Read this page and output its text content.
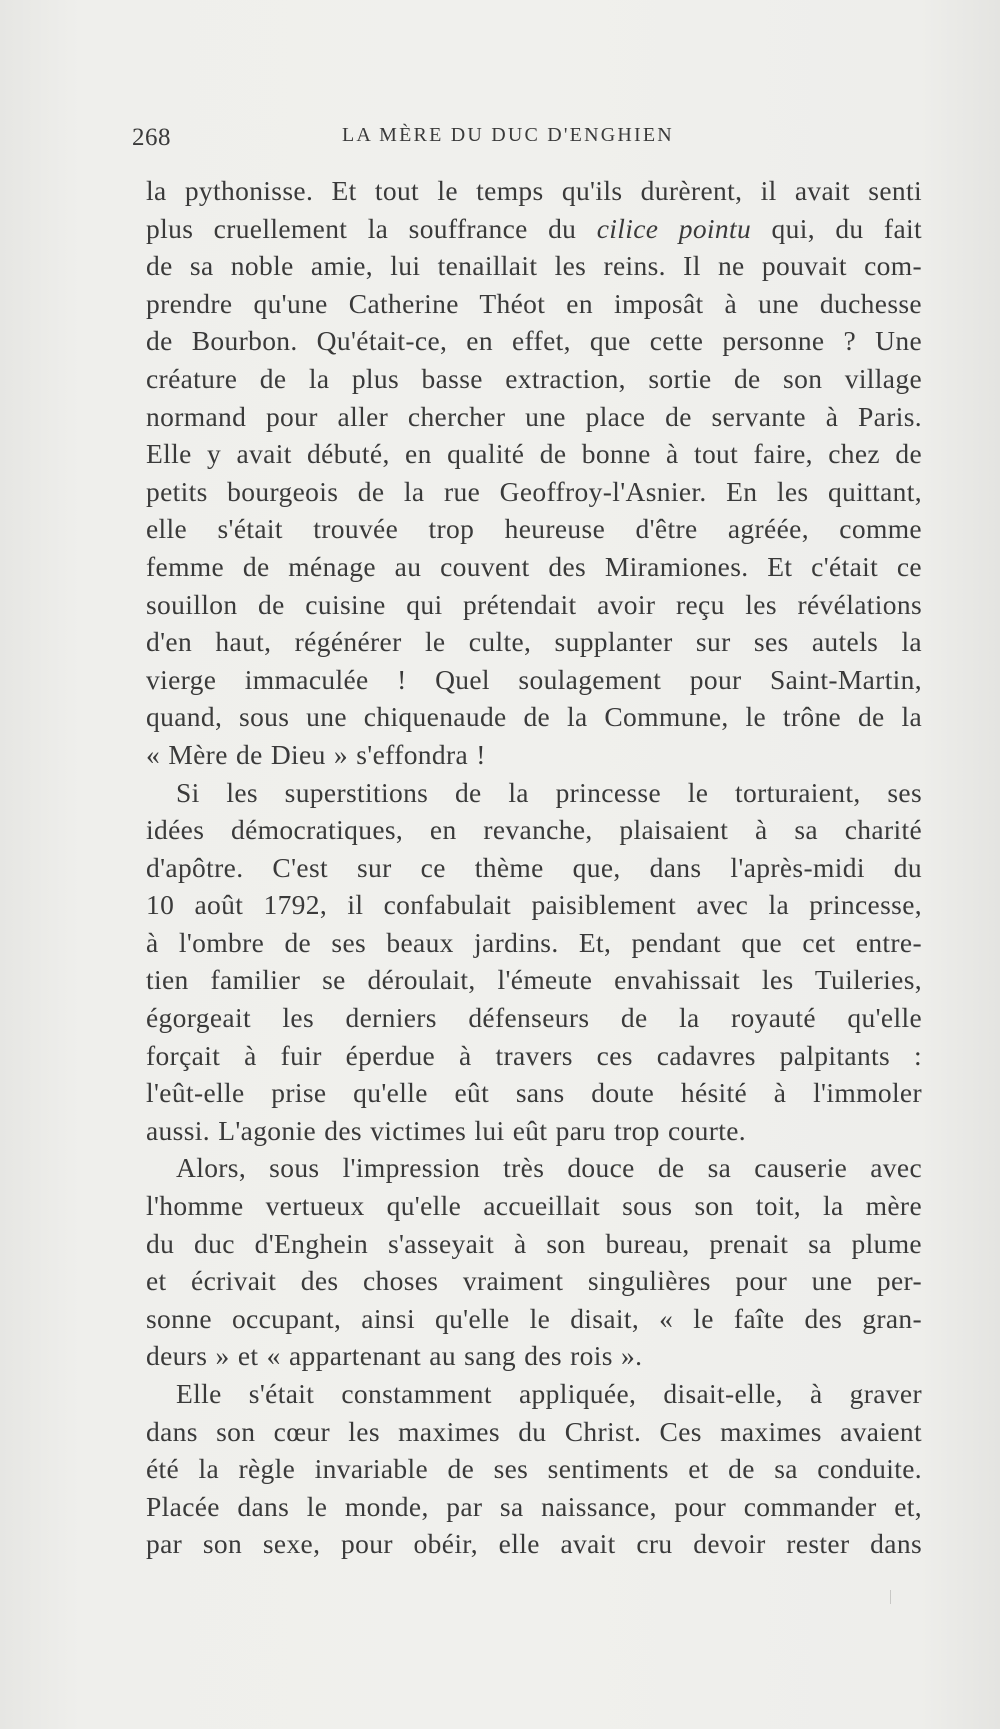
268	LA MÈRE DU DUC D'ENGHIEN
la pythonisse. Et tout le temps qu'ils durèrent, il avait senti
plus cruellement la souffrance du cilice pointu qui, du fait
de sa noble amie, lui tenaillait les reins. Il ne pouvait com-
prendre qu'une Catherine Théot en imposât à une duchesse
de Bourbon. Qu'était-ce, en effet, que cette personne ? Une
créature de la plus basse extraction, sortie de son village
normand pour aller chercher une place de servante à Paris.
Elle y avait débuté, en qualité de bonne à tout faire, chez de
petits bourgeois de la rue Geoffroy-l'Asnier. En les quittant,
elle s'était trouvée trop heureuse d'être agréée, comme
femme de ménage au couvent des Miramiones. Et c'était ce
souillon de cuisine qui prétendait avoir reçu les révélations
d'en haut, régénérer le culte, supplanter sur ses autels la
vierge immaculée ! Quel soulagement pour Saint-Martin,
quand, sous une chiquenaude de la Commune, le trône de la
« Mère de Dieu » s'effondra !
Si les superstitions de la princesse le torturaient, ses
idées démocratiques, en revanche, plaisaient à sa charité
d'apôtre. C'est sur ce thème que, dans l'après-midi du
10 août 1792, il confabulait paisiblement avec la princesse,
à l'ombre de ses beaux jardins. Et, pendant que cet entre-
tien familier se déroulait, l'émeute envahissait les Tuileries,
égorgeait les derniers défenseurs de la royauté qu'elle
forçait à fuir éperdue à travers ces cadavres palpitants :
l'eût-elle prise qu'elle eût sans doute hésité à l'immoler
aussi. L'agonie des victimes lui eût paru trop courte.
Alors, sous l'impression très douce de sa causerie avec
l'homme vertueux qu'elle accueillait sous son toit, la mère
du duc d'Enghein s'asseyait à son bureau, prenait sa plume
et écrivait des choses vraiment singulières pour une per-
sonne occupant, ainsi qu'elle le disait, « le faîte des gran-
deurs » et « appartenant au sang des rois ».
Elle s'était constamment appliquée, disait-elle, à graver
dans son cœur les maximes du Christ. Ces maximes avaient
été la règle invariable de ses sentiments et de sa conduite.
Placée dans le monde, par sa naissance, pour commander et,
par son sexe, pour obéir, elle avait cru devoir rester dans
